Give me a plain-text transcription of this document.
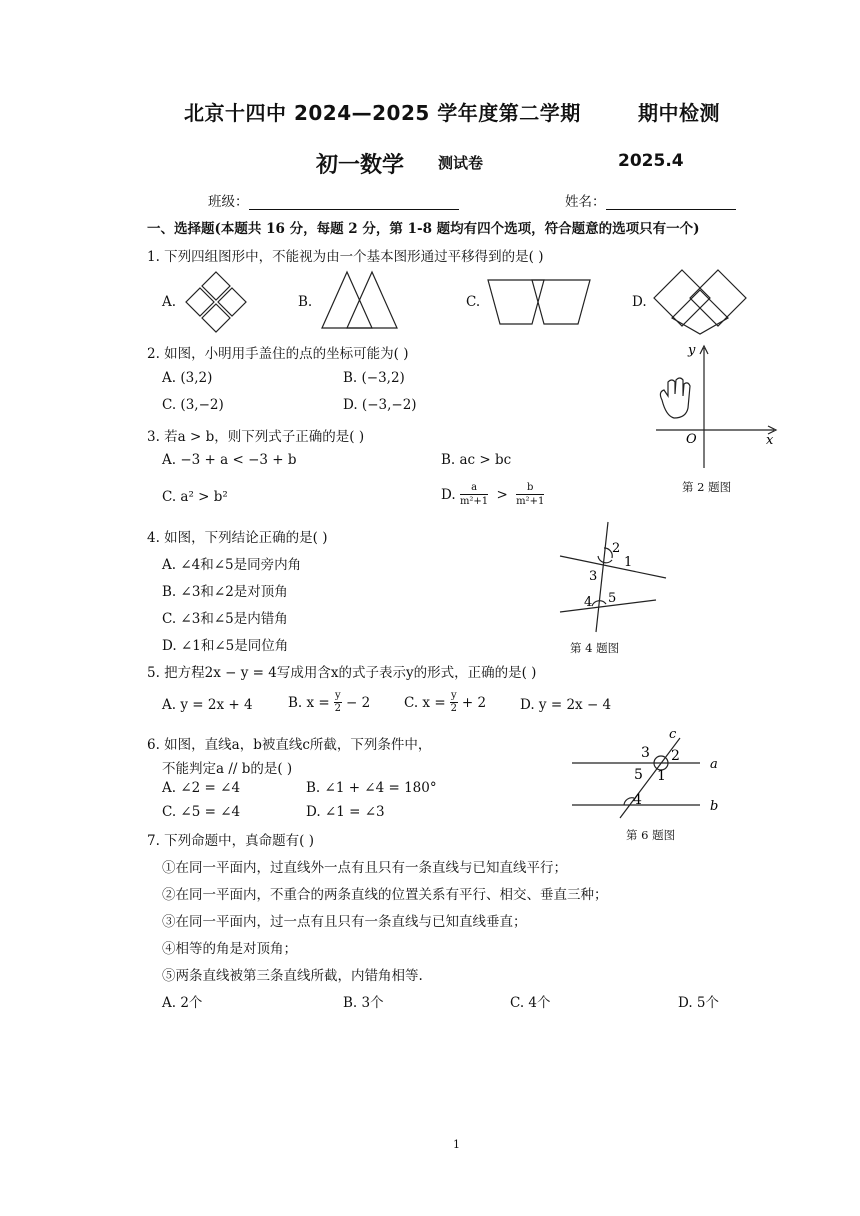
北京十四中 2024—2025 学年度第二学期	期中检测
初一数学 测试卷	2025.4
班级：	姓名：
一、选择题(本题共 16 分，每题 2 分，第 1-8 题均有四个选项，符合题意的选项只有一个)
1. 下列四组图形中，不能视为由一个基本图形通过平移得到的是( )
A.	B.	C.	D.
2. 如图，小明用手盖住的点的坐标可能为( )
A. (3,2)	B. (−3,2)
C. (3,−2)	D. (−3,−2)
y
x
O
第 2 题图
3. 若a > b，则下列式子正确的是( )
A. −3 + a < −3 + b	B. ac > bc
C. a² > b²	D. $\frac{a}{\text{m²+1}} > \frac{b}{\text{m²+1}}$
4. 如图，下列结论正确的是( )
A. ∠4和∠5是同旁内角
B. ∠3和∠2是对顶角
C. ∠3和∠5是内错角
D. ∠1和∠5是同位角
2
1
3
4 5
第 4 题图
5. 把方程2x − y = 4写成用含x的式子表示y的形式，正确的是( )
A. y = 2x + 4	B. $x = \frac{y}{2} - 2$	C. $x = \frac{y}{2} + 2$	D. y = 2x − 4
6. 如图，直线a，b被直线c所截，下列条件中，
不能判定a // b的是( )
A. ∠2 = ∠4	B. ∠1 + ∠4 = 180°
C. ∠5 = ∠4	D. ∠1 = ∠3
a
b
c
3 2
5 1
4
第 6 题图
7. 下列命题中，真命题有( )
①在同一平面内，过直线外一点有且只有一条直线与已知直线平行；
②在同一平面内，不重合的两条直线的位置关系有平行、相交、垂直三种；
③在同一平面内，过一点有且只有一条直线与已知直线垂直；
④相等的角是对顶角；
⑤两条直线被第三条直线所截，内错角相等.
A. 2个	B. 3个	C. 4个	D. 5个
1
